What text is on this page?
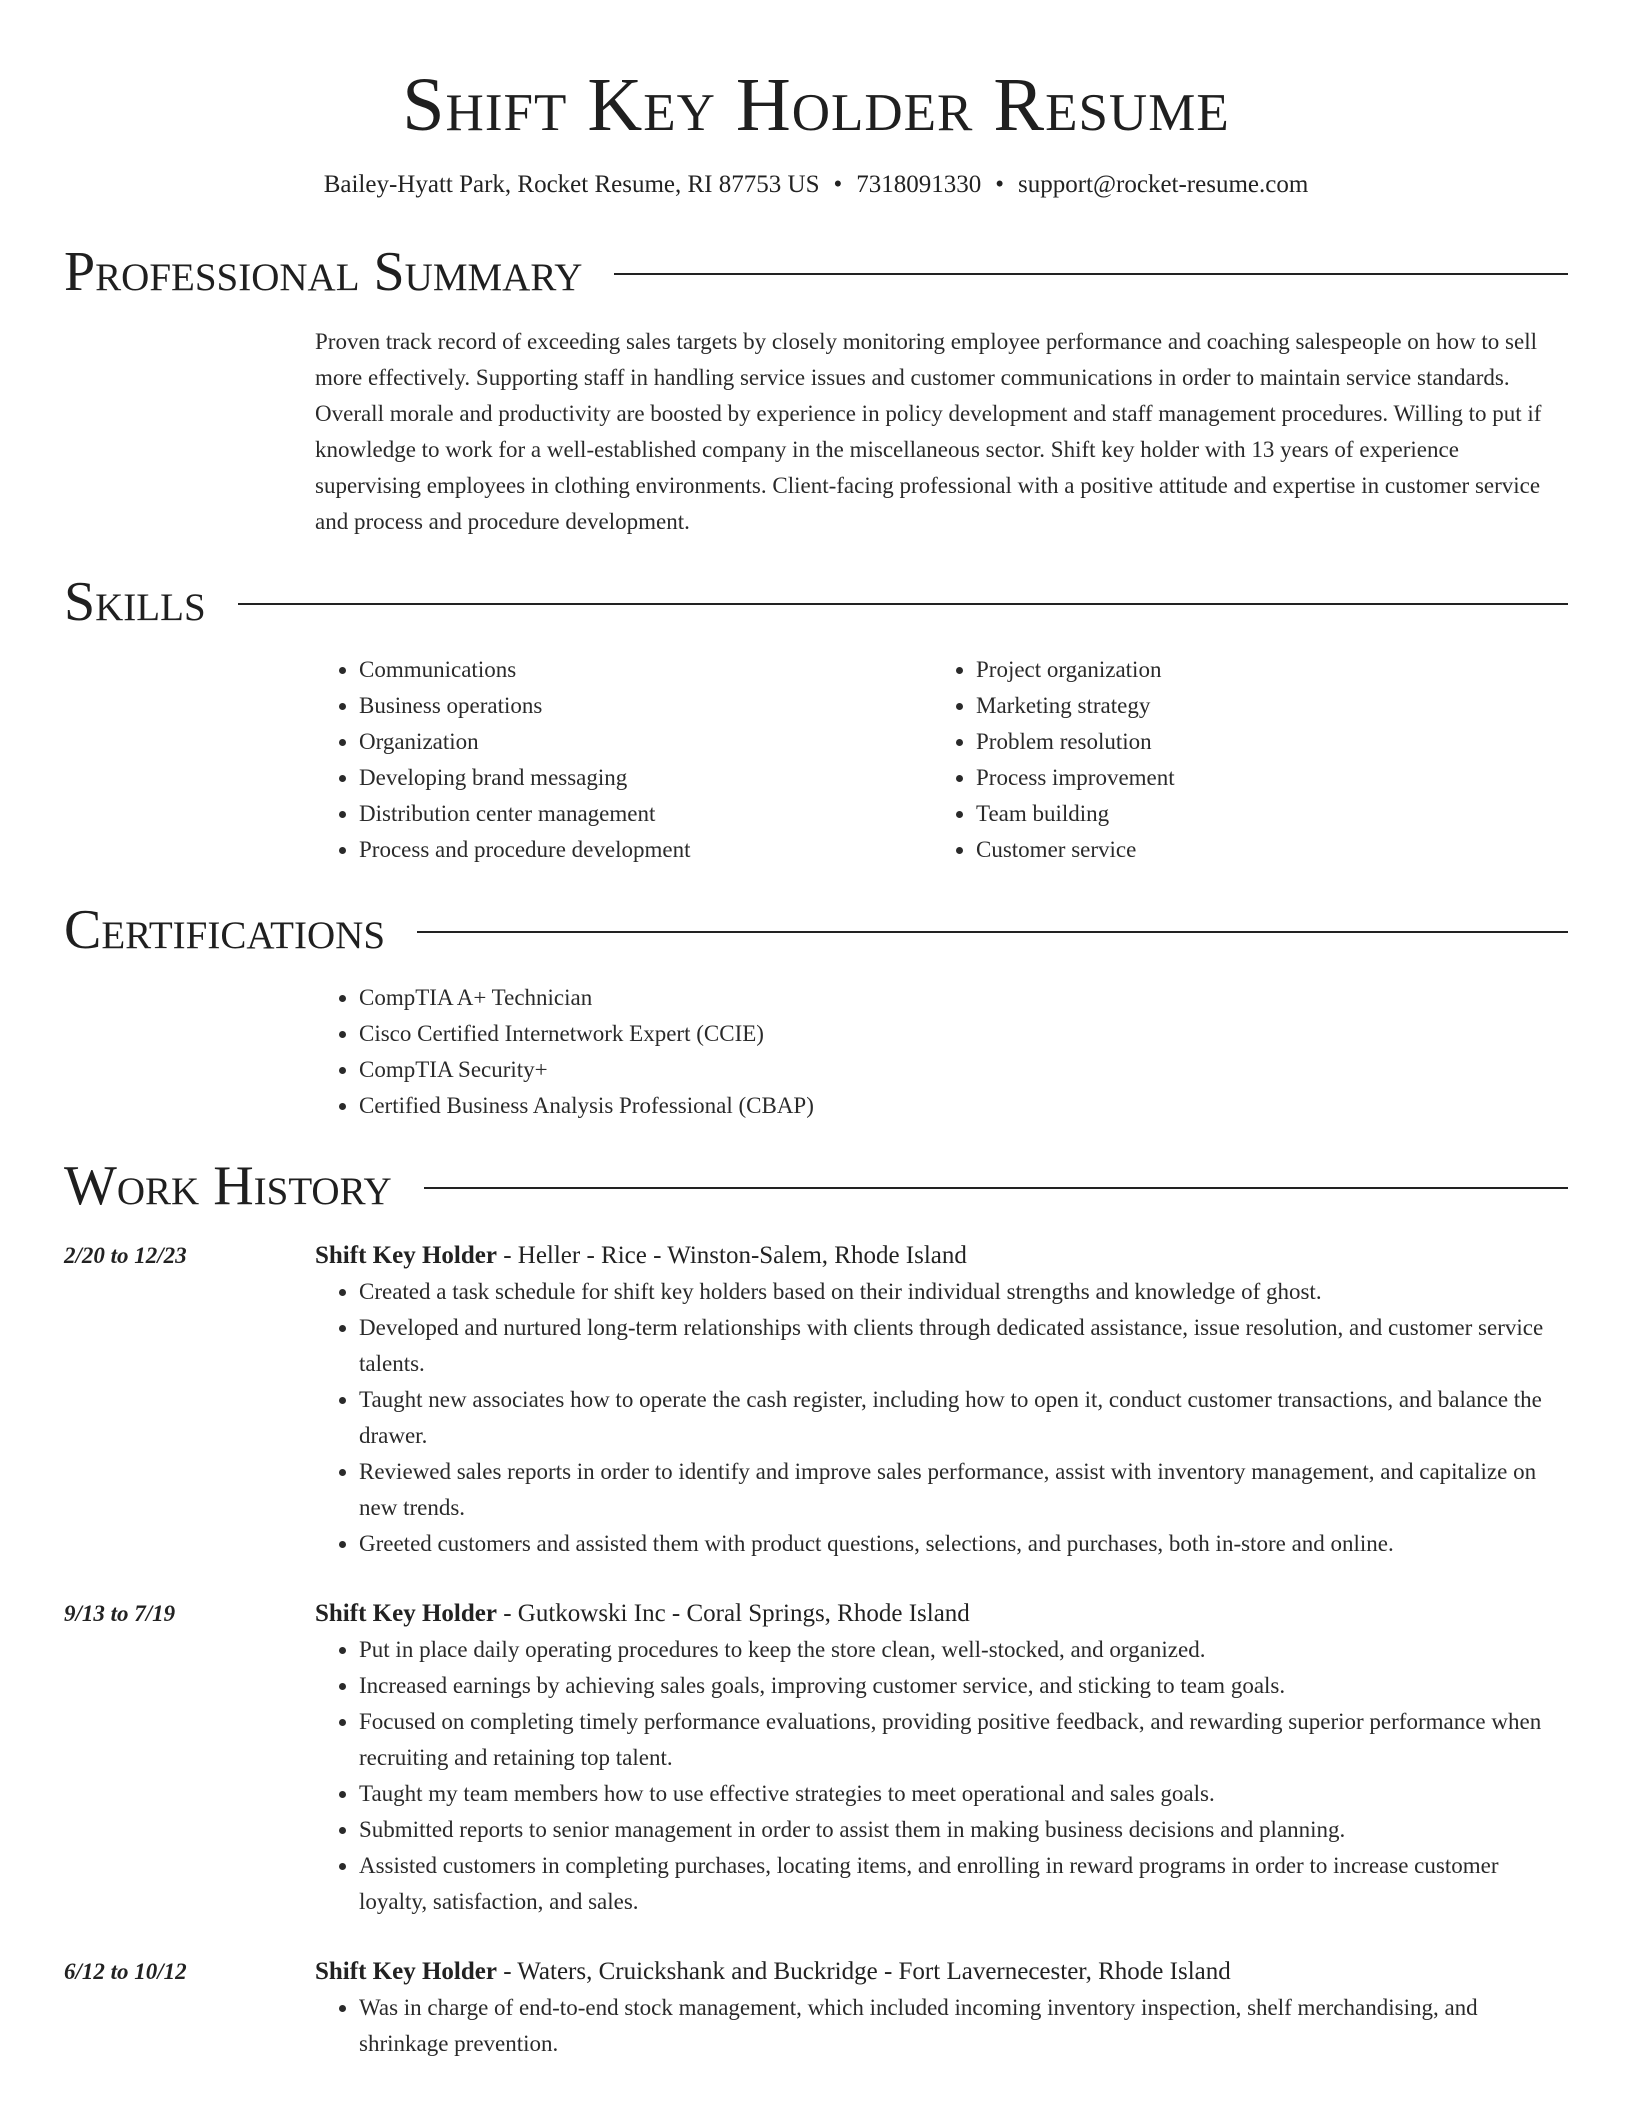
Shift Key Holder Resume
Bailey-Hyatt Park, Rocket Resume, RI 87753 US • 7318091330 • support@rocket-resume.com
Professional Summary

Proven track record of exceeding sales targets by closely monitoring employee performance and coaching salespeople on how to sell more effectively. Supporting staff in handling service issues and customer communications in order to maintain service standards. Overall morale and productivity are boosted by experience in policy development and staff management procedures. Willing to put if knowledge to work for a well-established company in the miscellaneous sector. Shift key holder with 13 years of experience supervising employees in clothing environments. Client-facing professional with a positive attitude and expertise in customer service and process and procedure development.

Skills
• Communications
• Business operations
• Organization
• Developing brand messaging
• Distribution center management
• Process and procedure development
• Project organization
• Marketing strategy
• Problem resolution
• Process improvement
• Team building
• Customer service
Certifications
• CompTIA A+ Technician
• Cisco Certified Internetwork Expert (CCIE)
• CompTIA Security+
• Certified Business Analysis Professional (CBAP)
Work History
2/20 to 12/23	Shift Key Holder - Heller - Rice - Winston-Salem, Rhode Island
• Created a task schedule for shift key holders based on their individual strengths and knowledge of ghost.
• Developed and nurtured long-term relationships with clients through dedicated assistance, issue resolution, and customer service talents.
• Taught new associates how to operate the cash register, including how to open it, conduct customer transactions, and balance the drawer.
• Reviewed sales reports in order to identify and improve sales performance, assist with inventory management, and capitalize on new trends.
• Greeted customers and assisted them with product questions, selections, and purchases, both in-store and online.
9/13 to 7/19	Shift Key Holder - Gutkowski Inc - Coral Springs, Rhode Island
• Put in place daily operating procedures to keep the store clean, well-stocked, and organized.
• Increased earnings by achieving sales goals, improving customer service, and sticking to team goals.
• Focused on completing timely performance evaluations, providing positive feedback, and rewarding superior performance when recruiting and retaining top talent.
• Taught my team members how to use effective strategies to meet operational and sales goals.
• Submitted reports to senior management in order to assist them in making business decisions and planning.
• Assisted customers in completing purchases, locating items, and enrolling in reward programs in order to increase customer loyalty, satisfaction, and sales.
6/12 to 10/12	Shift Key Holder - Waters, Cruickshank and Buckridge - Fort Lavernecester, Rhode Island
• Was in charge of end-to-end stock management, which included incoming inventory inspection, shelf merchandising, and shrinkage prevention.
